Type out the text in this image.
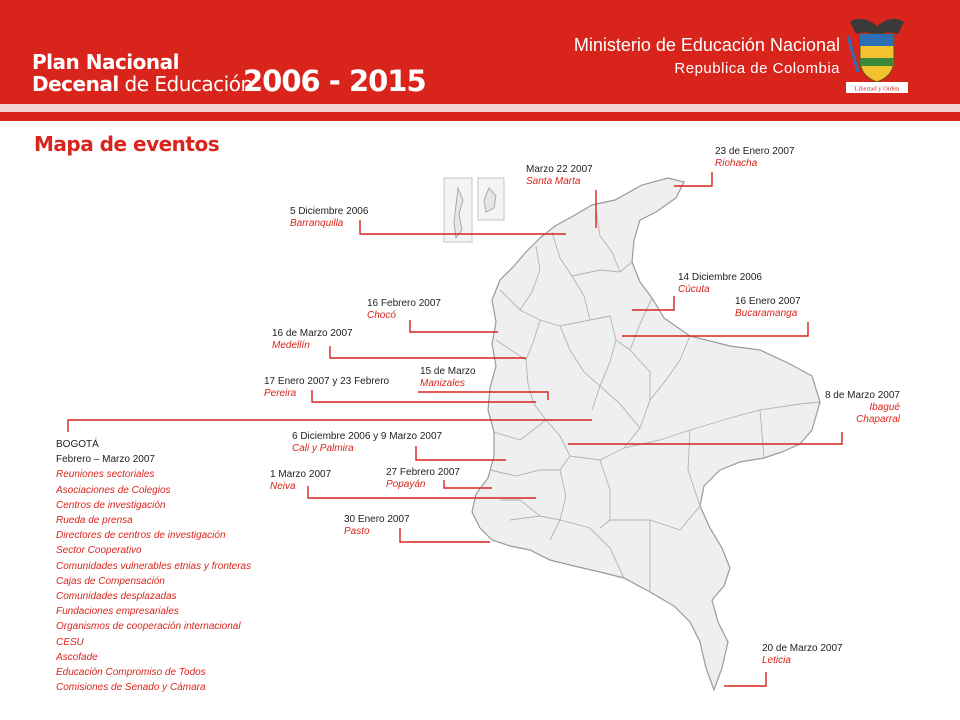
Plan Nacional
Decenal de Educación
2006 - 2015
Ministerio de Educación Nacional
Republica de Colombia
Libertad y Orden
Mapa de eventos
Marzo 22 2007
Santa Marta
23 de Enero 2007
Riohacha
5 Diciembre 2006
Barranquilla
14 Diciembre 2006
Cúcuta
16 Enero 2007
Bucaramanga
16 Febrero 2007
Chocó
16 de Marzo 2007
Medellín
15 de Marzo
Manizales
17 Enero 2007 y 23 Febrero
Pereira	8 de Marzo 2007
Ibagué
Chaparral
6 Diciembre 2006 y 9 Marzo 2007
Cali y Palmira
27 Febrero 2007
Popayán
1 Marzo 2007
Neiva
30 Enero 2007
Pasto
20 de Marzo 2007
Leticia
BOGOTÁ
Febrero – Marzo 2007
Reuniones sectoriales
Asociaciones de Colegios
Centros de investigación
Rueda de prensa
Directores de centros de investigación
Sector Cooperativo
Comunidades vulnerables etnias y fronteras
Cajas de Compensación
Comunidades desplazadas
Fundaciones empresariales
Organismos de cooperación internacional
CESU
Ascofade
Educación Compromiso de Todos
Comisiones de Senado y Cámara
